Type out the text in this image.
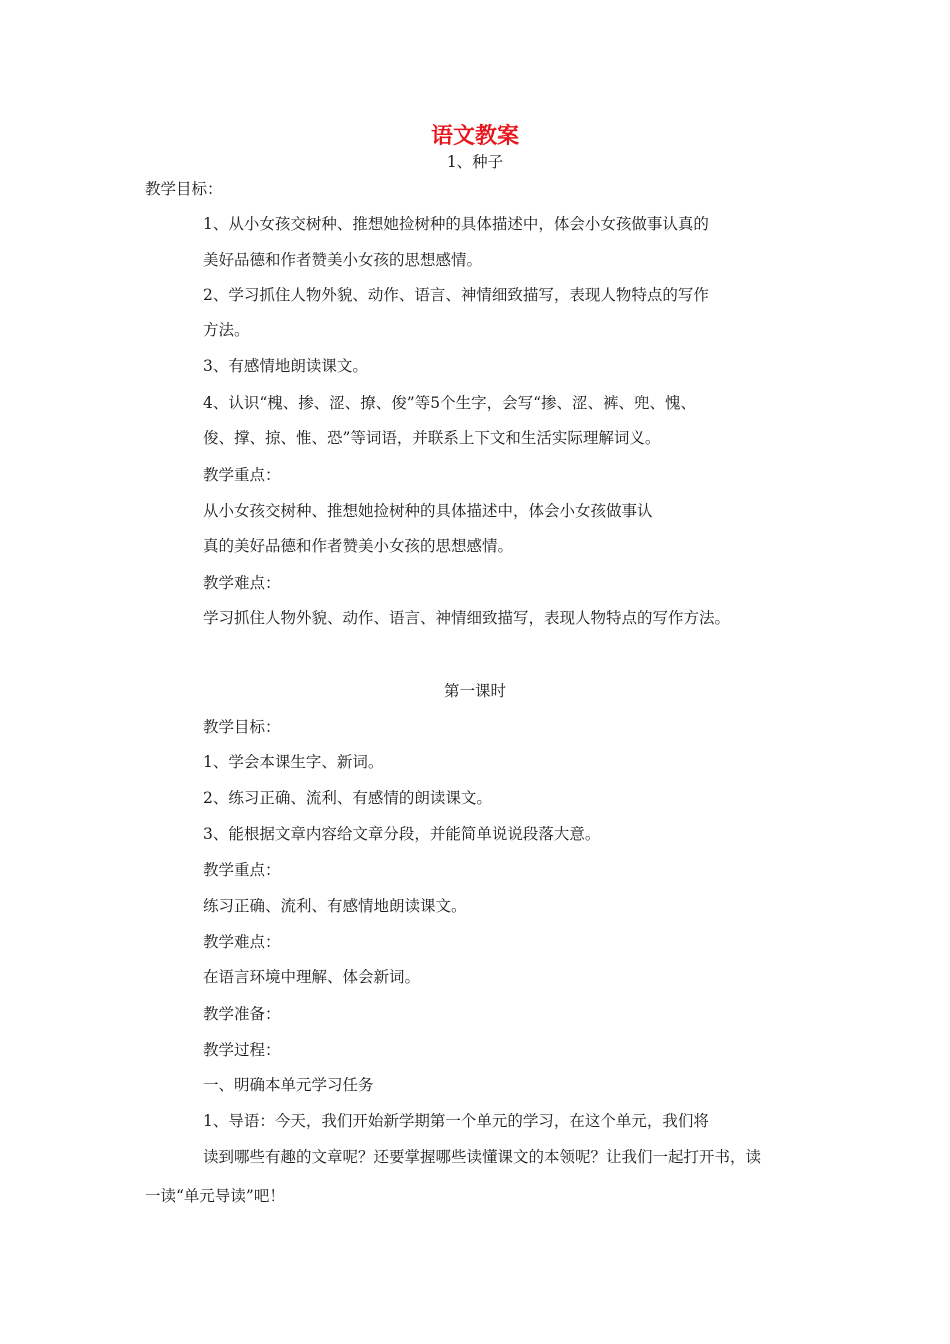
语文教案
1、种子
教学目标：
1、从小女孩交树种、推想她捡树种的具体描述中，体会小女孩做事认真的
美好品德和作者赞美小女孩的思想感情。
2、学习抓住人物外貌、动作、语言、神情细致描写，表现人物特点的写作
方法。
3、有感情地朗读课文。
4、认识“槐、掺、涩、撩、俊”等5个生字，会写“掺、涩、裤、兜、愧、
俊、撑、掠、惟、恐”等词语，并联系上下文和生活实际理解词义。
教学重点：
从小女孩交树种、推想她捡树种的具体描述中，体会小女孩做事认
真的美好品德和作者赞美小女孩的思想感情。
教学难点：
学习抓住人物外貌、动作、语言、神情细致描写，表现人物特点的写作方法。
第一课时
教学目标：
1、学会本课生字、新词。
2、练习正确、流利、有感情的朗读课文。
3、能根据文章内容给文章分段，并能简单说说段落大意。
教学重点：
练习正确、流利、有感情地朗读课文。
教学难点：
在语言环境中理解、体会新词。
教学准备：
教学过程：
一、明确本单元学习任务
1、导语：今天，我们开始新学期第一个单元的学习，在这个单元，我们将
读到哪些有趣的文章呢？还要掌握哪些读懂课文的本领呢？让我们一起打开书，读
一读“单元导读”吧！
